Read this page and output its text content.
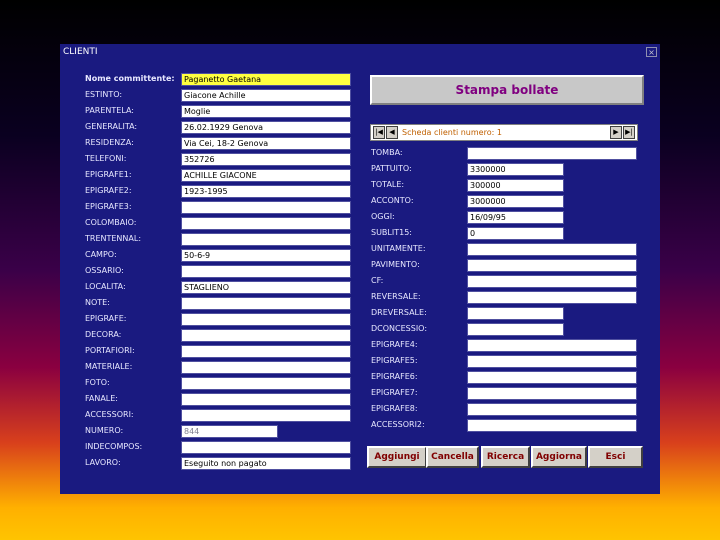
CLIENTI	×
Nome committente:	Paganetto Gaetana
ESTINTO:	Giacone Achille
PARENTELA:	Moglie
GENERALITA:	26.02.1929 Genova
RESIDENZA:	Via Cei, 18-2 Genova
TELEFONI:	352726
EPIGRAFE1:	ACHILLE GIACONE
EPIGRAFE2:	1923-1995
EPIGRAFE3:
COLOMBAIO:
TRENTENNAL:
CAMPO:	50-6-9
OSSARIO:
LOCALITA:	STAGLIENO
NOTE:
EPIGRAFE:
DECORA:
PORTAFIORI:
MATERIALE:
FOTO:
FANALE:
ACCESSORI:
NUMERO:	844
INDECOMPOS:
LAVORO:	Eseguito non pagato
Stampa bollate
|◀ ◀ Scheda clienti numero: 1	▶ ▶|
TOMBA:
PATTUITO:	3300000
TOTALE:	300000
ACCONTO:	3000000
OGGI:	16/09/95
SUBLIT15:	0
UNITAMENTE:
PAVIMENTO:
CF:
REVERSALE:
DREVERSALE:
DCONCESSIO:
EPIGRAFE4:
EPIGRAFE5:
EPIGRAFE6:
EPIGRAFE7:
EPIGRAFE8:
ACCESSORI2:
Aggiungi	Cancella	Ricerca	Aggiorna	Esci
